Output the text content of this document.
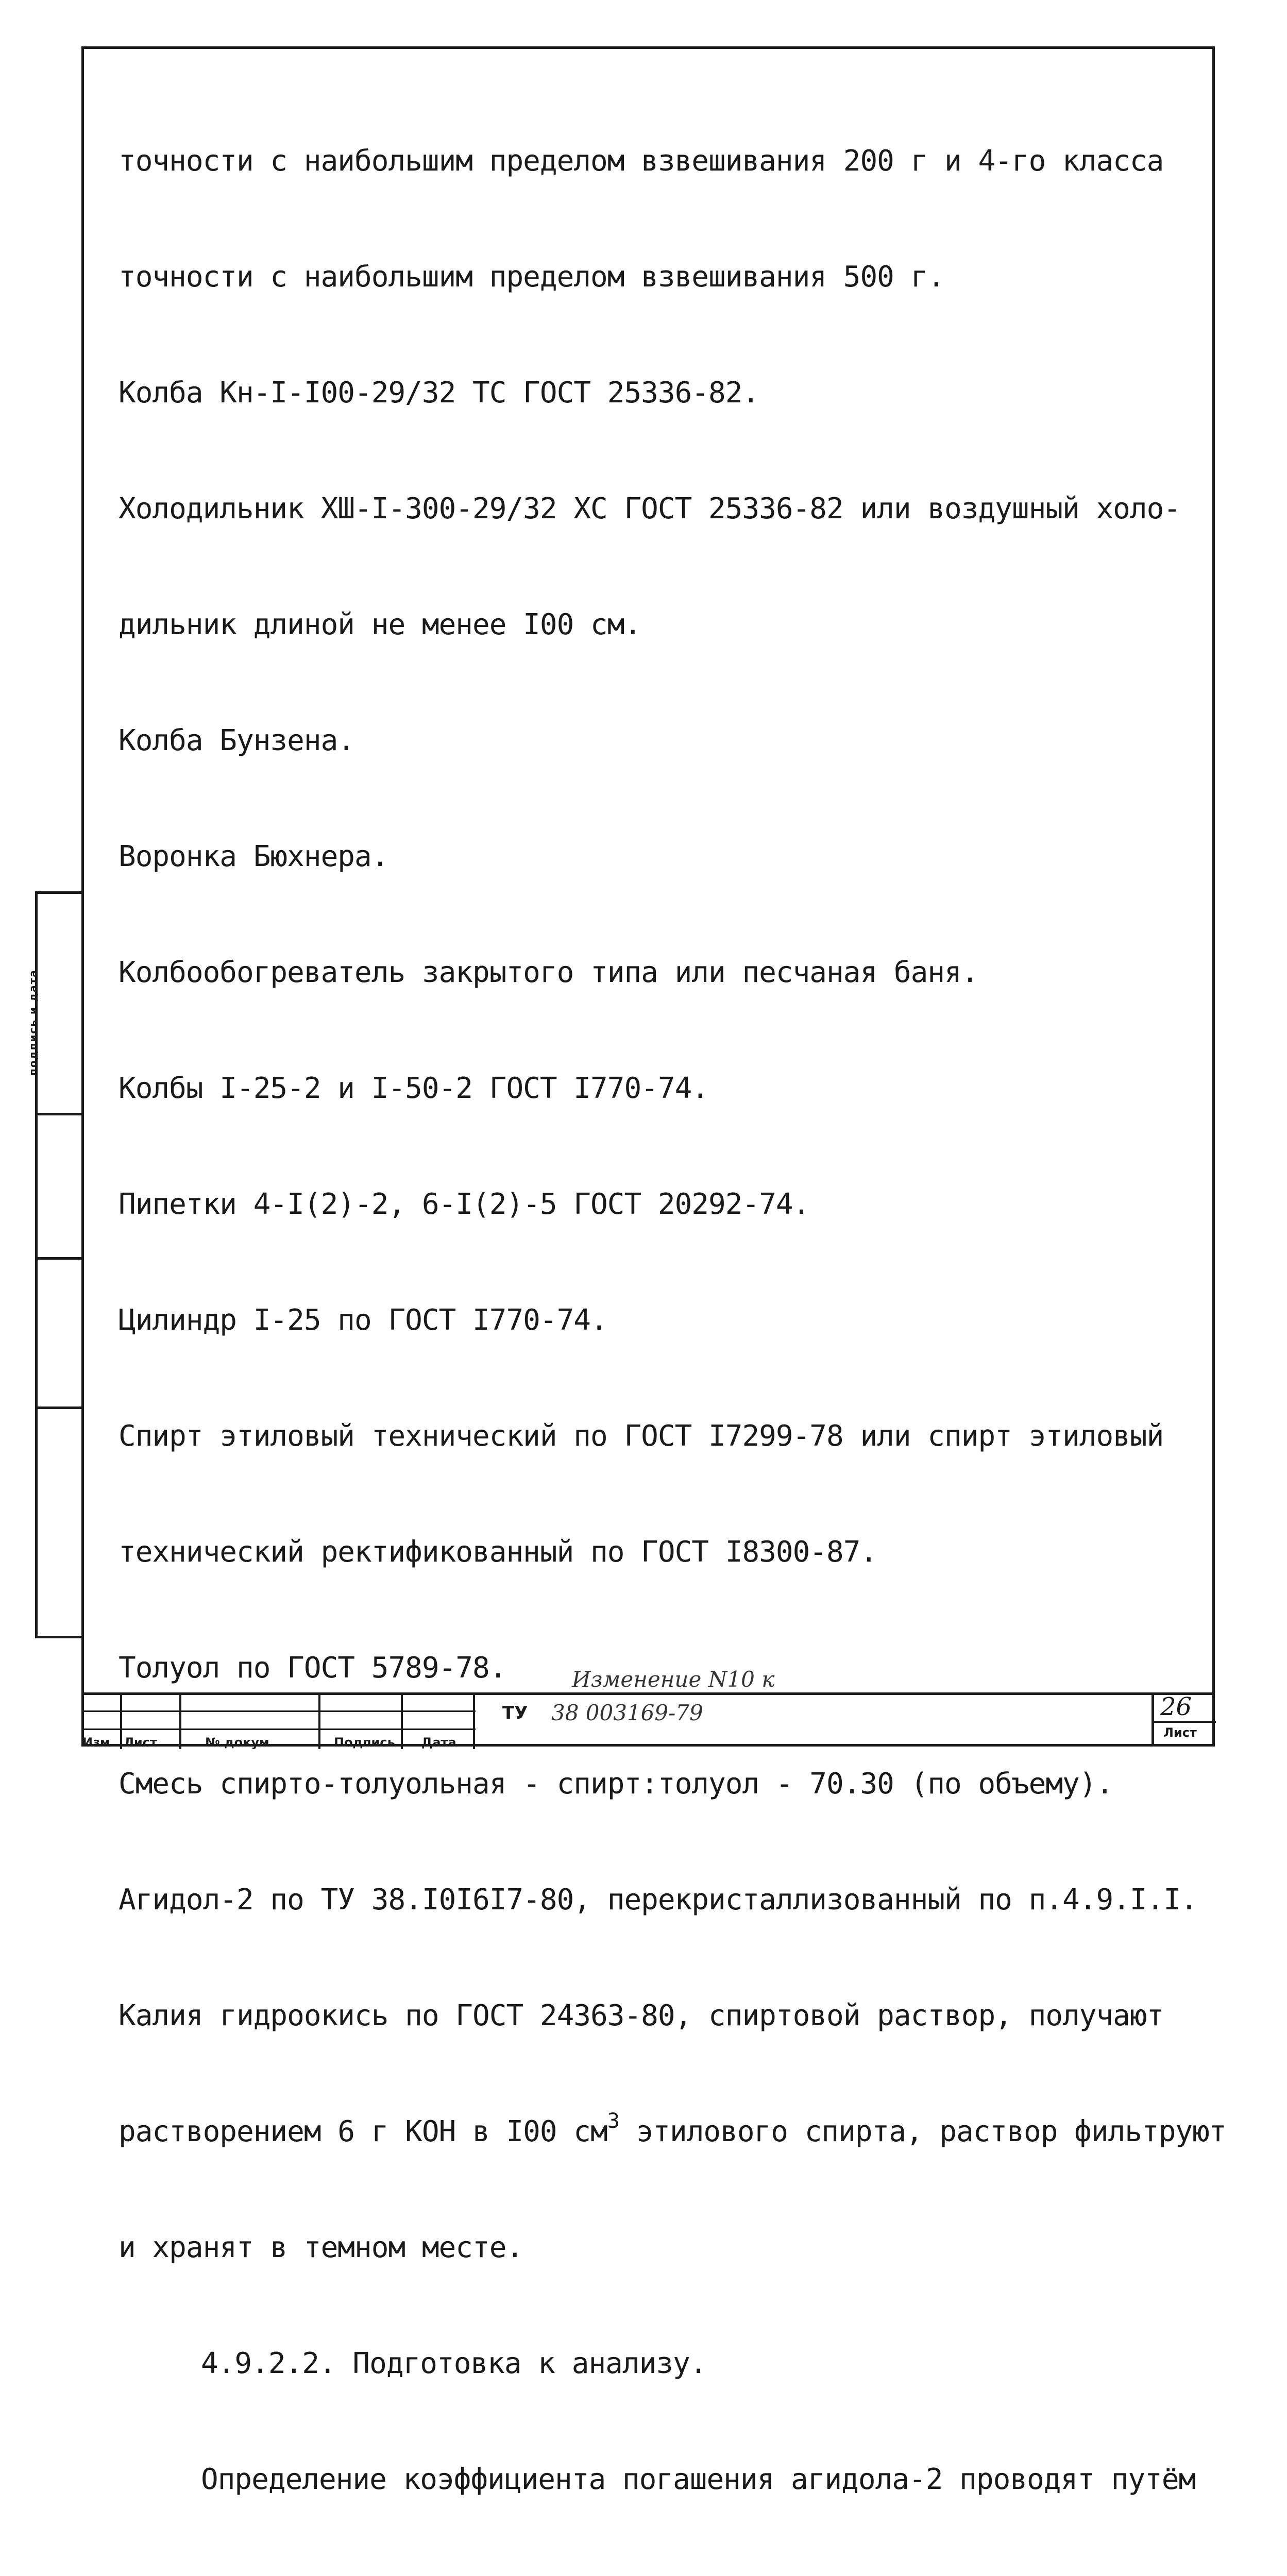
точности с наибольшим пределом взвешивания 200 г и 4-го класса

точности с наибольшим пределом взвешивания 500 г.

Колба Кн-I-I00-29/32 ТС ГОСТ 25336-82.

Холодильник ХШ-I-300-29/32 ХС ГОСТ 25336-82 или воздушный холо-

дильник длиной не менее I00 см.

Колба Бунзена.

Воронка Бюхнера.

Колбообогреватель закрытого типа или песчаная баня.

Колбы I-25-2 и I-50-2 ГОСТ I770-74.

Пипетки 4-I(2)-2, 6-I(2)-5 ГОСТ 20292-74.

Цилиндр I-25 по ГОСТ I770-74.

Спирт этиловый технический по ГОСТ I7299-78 или спирт этиловый

технический ректификованный по ГОСТ I8300-87.

Толуол по ГОСТ 5789-78.

Смесь спирто-толуольная - спирт:толуол - 70.30 (по объему).

Агидол-2 по ТУ 38.I0I6I7-80, перекристаллизованный по п.4.9.I.I.

Калия гидроокись по ГОСТ 24363-80, спиртовой раствор, получают

растворением 6 г КОН в I00 $см^3$ этилового спирта, раствор фильтруют

и хранят в темном месте.

4.9.2.2. Подготовка к анализу.

Определение коэффициента погашения агидола-2 проводят путём

подпись и дата
Изм Лист	№ докум	Подпись Дата
Изменение N10 к
ТУ 38 003169-79	26
Лист
